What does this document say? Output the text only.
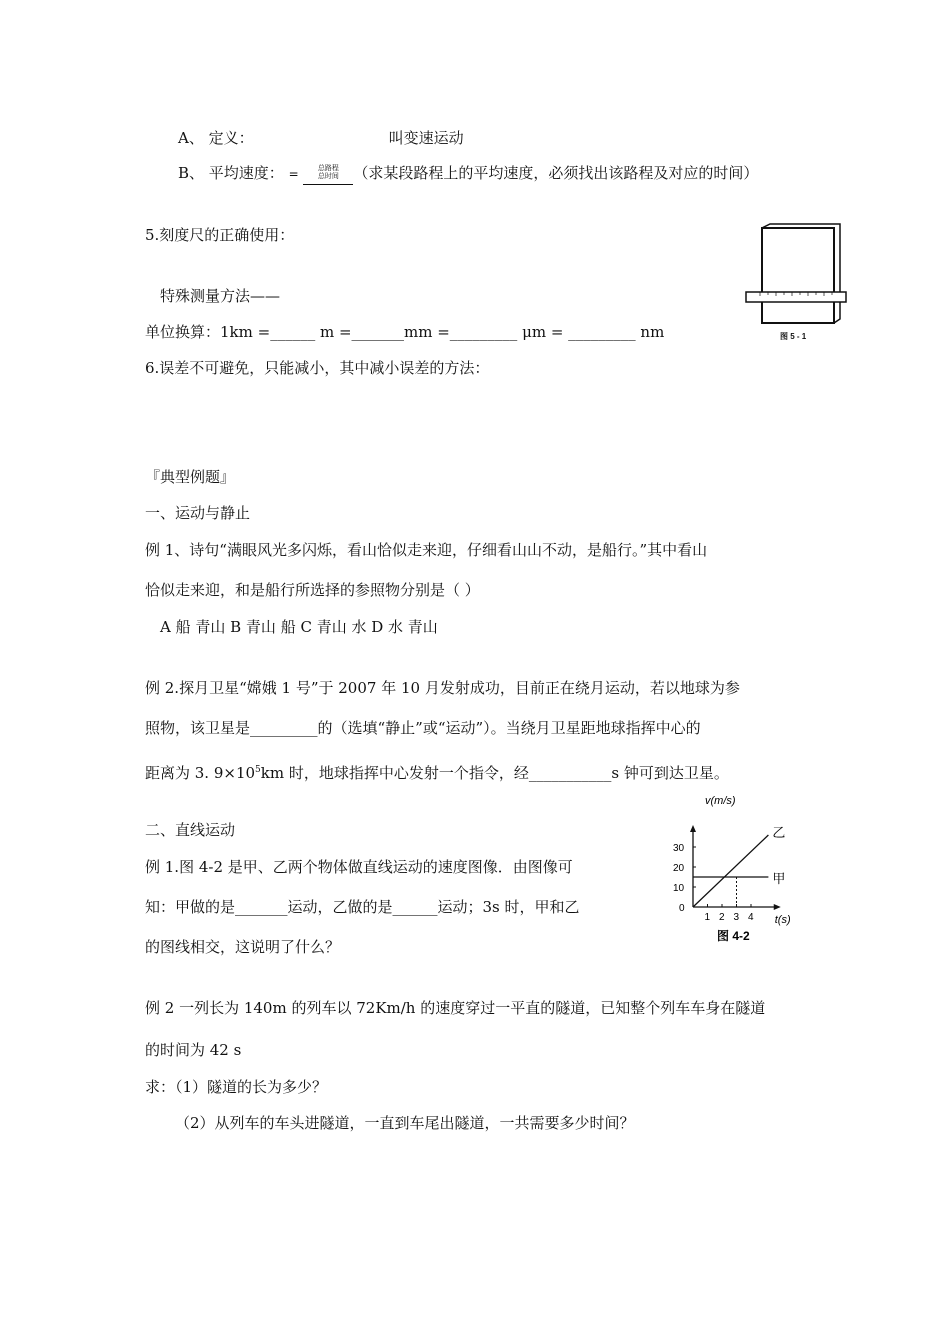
A、 定义：	叫变速运动
B、 平均速度： =	总路程
总时间 （求某段路程上的平均速度，必须找出该路程及对应的时间）
5.刻度尺的正确使用：
特殊测量方法——
单位换算：1km =______ m =_______mm =_________ μm = _________ nm
6.误差不可避免，只能减小，其中减小误差的方法：
图 5 - 1
『典型例题』
一、运动与静止
例 1、诗句“满眼风光多闪烁，看山恰似走来迎，仔细看山山不动，是船行。”其中看山
恰似走来迎，和是船行所选择的参照物分别是（ ）
A 船 青山 B 青山 船 C 青山 水 D 水 青山
例 2.探月卫星“嫦娥 1 号”于 2007 年 10 月发射成功，目前正在绕月运动，若以地球为参
照物，该卫星是_________的（选填“静止”或“运动”）。当绕月卫星距地球指挥中心的
距离为 3. $9\times 10^5km$ 时，地球指挥中心发射一个指令，经___________s 钟可到达卫星。
二、直线运动
例 1.图 4-2 是甲、乙两个物体做直线运动的速度图像．由图像可
知：甲做的是_______运动，乙做的是______运动；3s 时，甲和乙
的图线相交，这说明了什么？
v(m/s)
t(s)
0
1 2 3 4
10
20
30
乙
甲
图 4-2
例 2 一列长为 140m 的列车以 72Km/h 的速度穿过一平直的隧道，已知整个列车车身在隧道
的时间为 42 s
求：（1）隧道的长为多少？
（2）从列车的车头进隧道，一直到车尾出隧道，一共需要多少时间？
